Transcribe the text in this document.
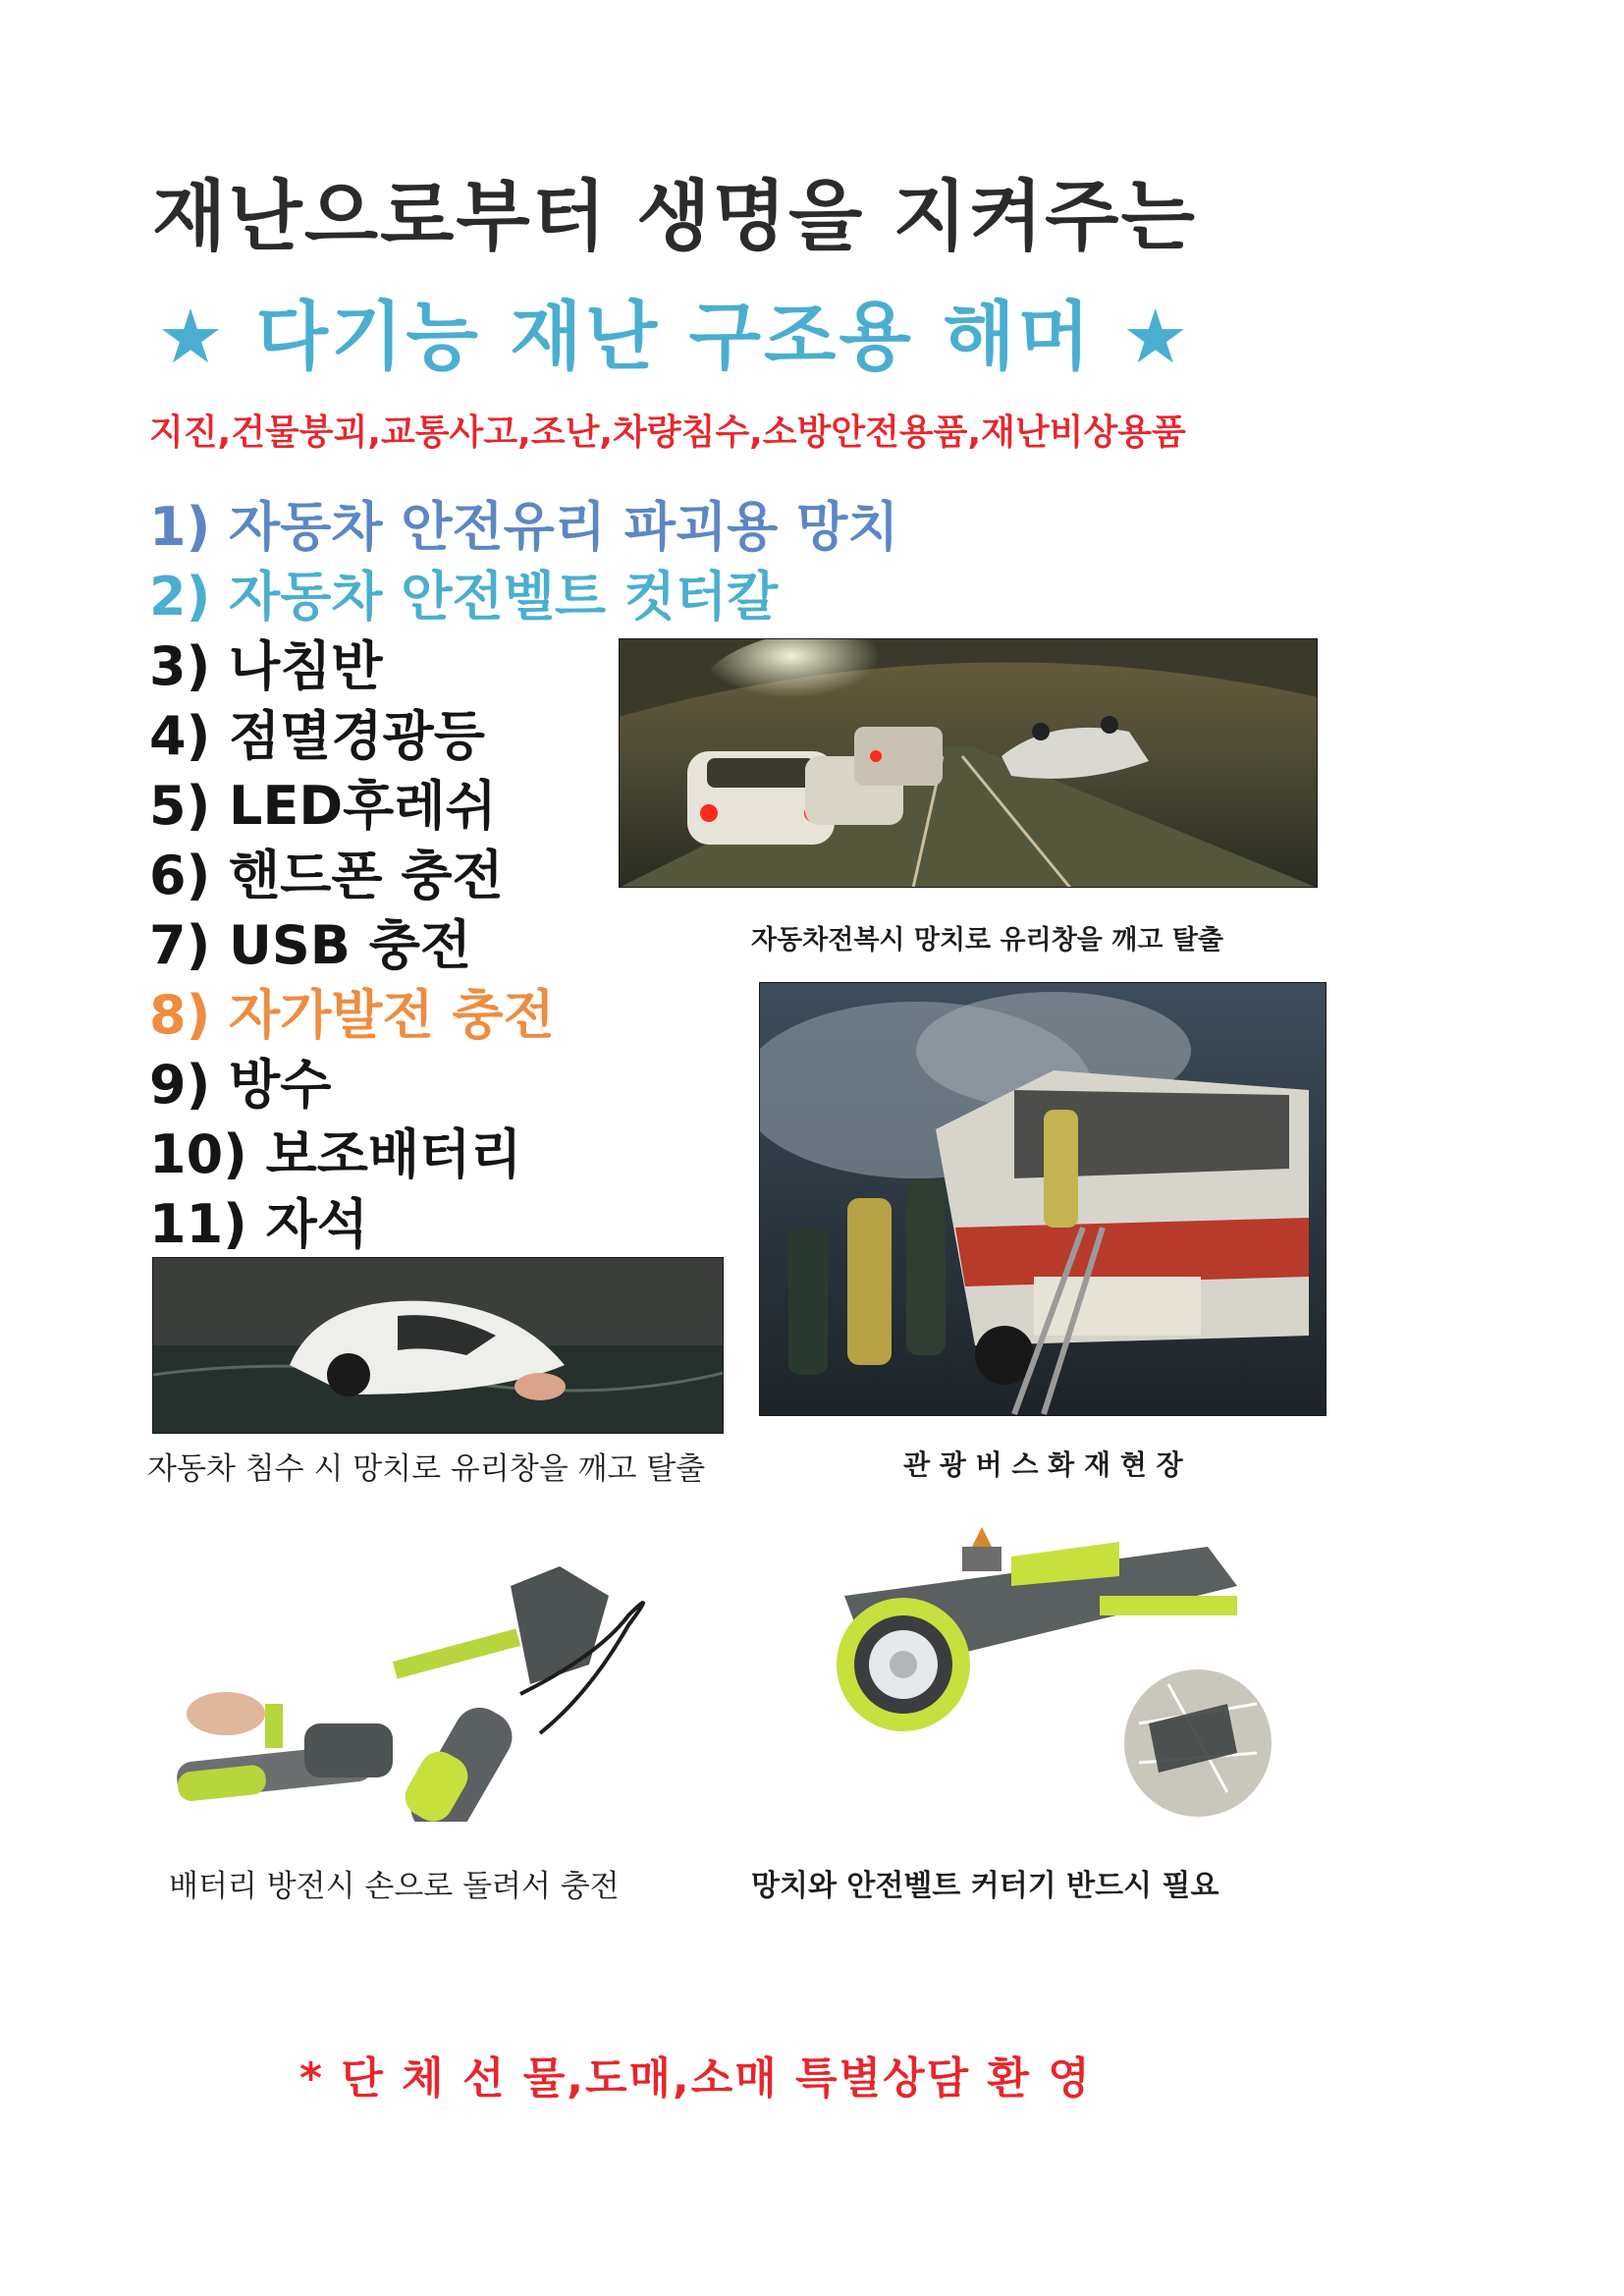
재난으로부터 생명을 지켜주는
★ 다기능 재난 구조용 해머 ★
지진,건물붕괴,교통사고,조난,차량침수,소방안전용품,재난비상용품
1) 자동차 안전유리 파괴용 망치
2) 자동차 안전벨트 컷터칼
3) 나침반
4) 점멸경광등
5) LED후레쉬
6) 핸드폰 충전
7) USB 충전
8) 자가발전 충전
9) 방수
10) 보조배터리
11) 자석
자동차전복시 망치로 유리창을 깨고 탈출
관 광 버 스 화 재 현 장
자동차 침수 시 망치로 유리창을 깨고 탈출
배터리 방전시 손으로 돌려서 충전	망치와 안전벨트 커터기 반드시 필요
* 단 체 선 물,도매,소매 특별상담 환 영
